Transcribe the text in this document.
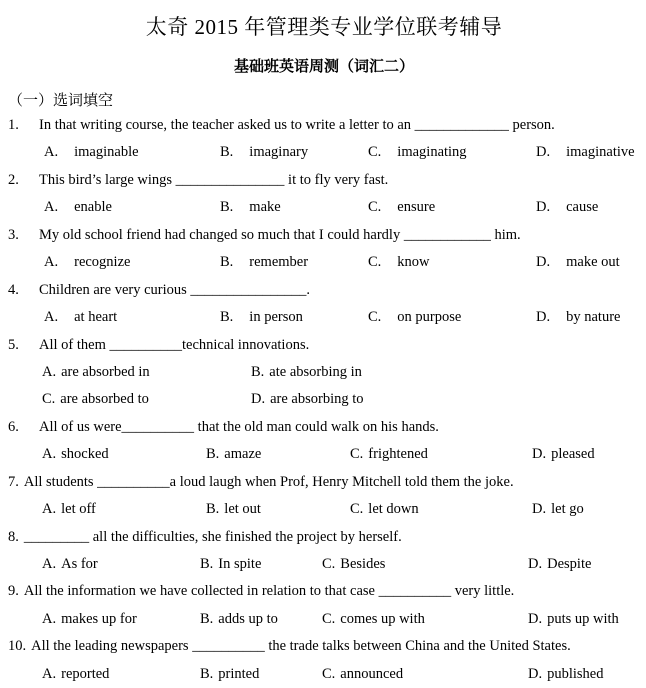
太奇 2015 年管理类专业学位联考辅导
基础班英语周测（词汇二）
（一）选词填空
1. In that writing course, the teacher asked us to write a letter to an _____________ person.
A. imaginable	B. imaginary	C. imaginating	D. imaginative
2. This bird’s large wings _______________ it to fly very fast.
A. enable	B. make	C. ensure	D. cause
3. My old school friend had changed so much that I could hardly ____________ him.
A. recognize	B. remember	C. know	D. make out
4. Children are very curious ________________.
A. at heart	B. in person	C. on purpose	D. by nature
5. All of them __________technical innovations.
A. are absorbed in	B. ate absorbing in
C. are absorbed to	D. are absorbing to
6. All of us were__________ that the old man could walk on his hands.
A. shocked	B. amaze	C. frightened	D. pleased
7. All students __________a loud laugh when Prof, Henry Mitchell told them the joke.
A. let off	B. let out	C. let down	D. let go
8. _________ all the difficulties, she finished the project by herself.
A. As for	B. In spite	C. Besides	D. Despite
9. All the information we have collected in relation to that case __________ very little.
A. makes up for	B. adds up to	C. comes up with	D. puts up with
10. All the leading newspapers __________ the trade talks between China and the United States.
A. reported	B. printed	C. announced	D. published
